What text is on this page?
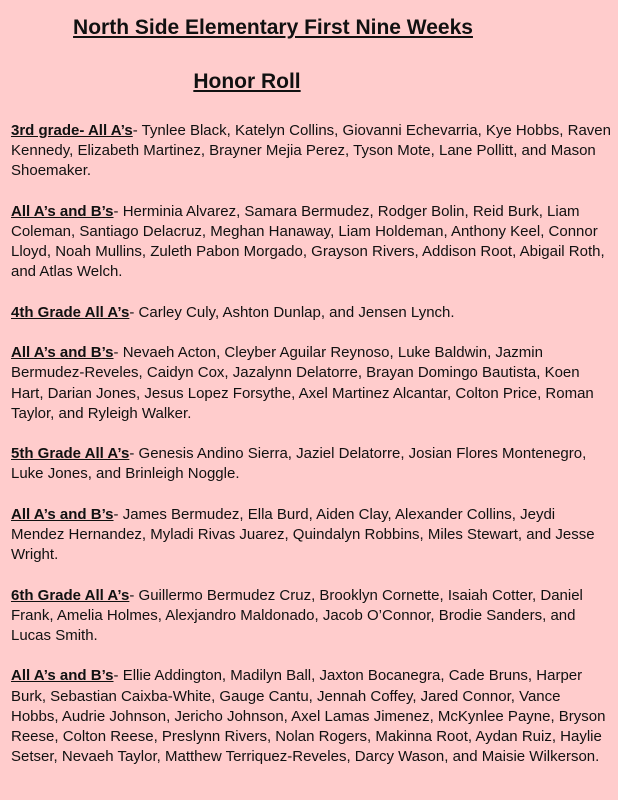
North Side Elementary First Nine Weeks
Honor Roll

3rd grade- All A’s- Tynlee Black, Katelyn Collins, Giovanni Echevarria, Kye Hobbs, Raven Kennedy, Elizabeth Martinez, Brayner Mejia Perez, Tyson Mote, Lane Pollitt, and Mason Shoemaker.

All A’s and B’s- Herminia Alvarez, Samara Bermudez, Rodger Bolin, Reid Burk, Liam Coleman, Santiago Delacruz, Meghan Hanaway, Liam Holdeman, Anthony Keel, Connor Lloyd, Noah Mullins, Zuleth Pabon Morgado, Grayson Rivers, Addison Root, Abigail Roth, and Atlas Welch.

4th Grade All A’s- Carley Culy, Ashton Dunlap, and Jensen Lynch.

All A’s and B’s- Nevaeh Acton, Cleyber Aguilar Reynoso, Luke Baldwin, Jazmin Bermudez-Reveles, Caidyn Cox, Jazalynn Delatorre, Brayan Domingo Bautista, Koen Hart, Darian Jones, Jesus Lopez Forsythe, Axel Martinez Alcantar, Colton Price, Roman Taylor, and Ryleigh Walker.

5th Grade All A’s- Genesis Andino Sierra, Jaziel Delatorre, Josian Flores Montenegro, Luke Jones, and Brinleigh Noggle.

All A’s and B’s- James Bermudez, Ella Burd, Aiden Clay, Alexander Collins, Jeydi Mendez Hernandez, Myladi Rivas Juarez, Quindalyn Robbins, Miles Stewart, and Jesse Wright.

6th Grade All A’s- Guillermo Bermudez Cruz, Brooklyn Cornette, Isaiah Cotter, Daniel Frank, Amelia Holmes, Alexjandro Maldonado, Jacob O’Connor, Brodie Sanders, and Lucas Smith.

All A’s and B’s- Ellie Addington, Madilyn Ball, Jaxton Bocanegra, Cade Bruns, Harper Burk, Sebastian Caixba-White, Gauge Cantu, Jennah Coffey, Jared Connor, Vance Hobbs, Audrie Johnson, Jericho Johnson, Axel Lamas Jimenez, McKynlee Payne, Bryson Reese, Colton Reese, Preslynn Rivers, Nolan Rogers, Makinna Root, Aydan Ruiz, Haylie Setser, Nevaeh Taylor, Matthew Terriquez-Reveles, Darcy Wason, and Maisie Wilkerson.
